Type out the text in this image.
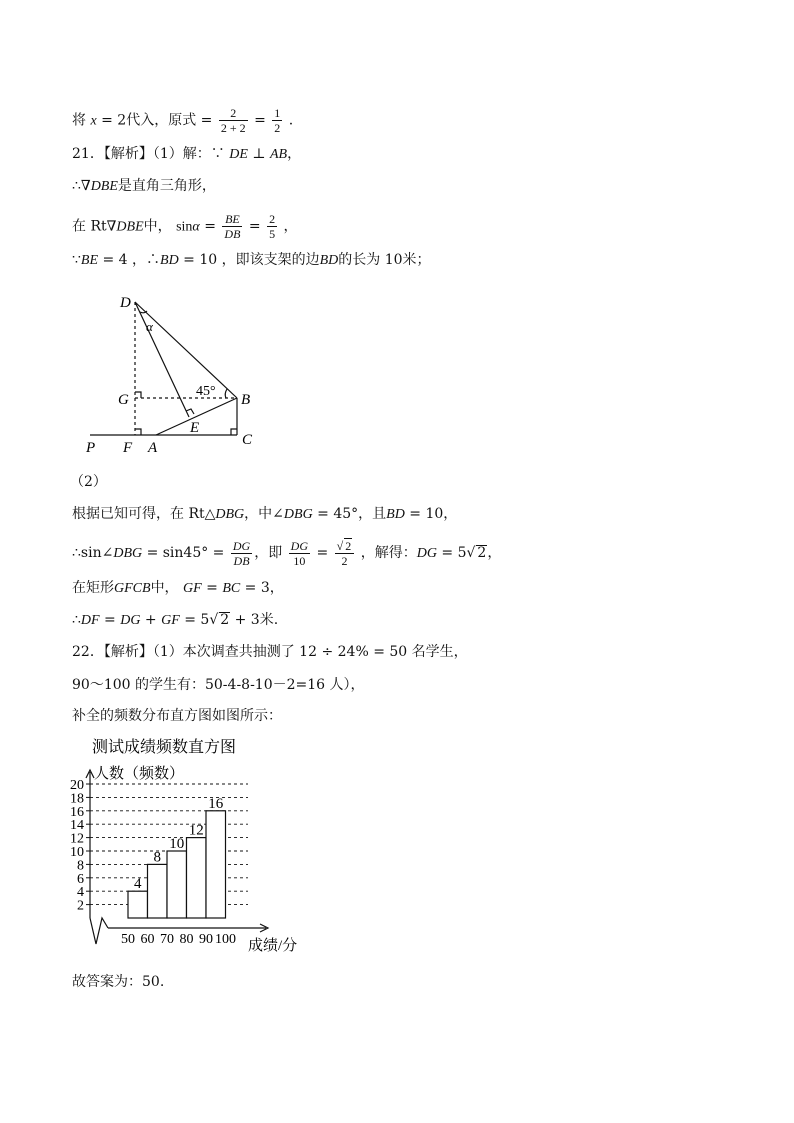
将 x = 2代入，原式 = $\frac{2}{2 + 2} = \frac{1}{2}$ .
21．【解析】（1）解：∵ DE ⊥ AB，
∴∇DBE是直角三角形，
在 Rt∇DBE中， $\sin\alpha = \frac{BE}{DB} = \frac{2}{5}$ ，
∵BE = 4 ，∴BD = 10 ，即该支架的边BD的长为 10米；
D
α
G
45°
B
E
P F A	C
（2）
根据已知可得，在 Rt△DBG，中∠DBG = 45°，且BD = 10，
∴sin∠DBG = $\sin 45^\circ = \frac{DG}{DB}$ ，即 $\frac{DG}{10} = \frac{√ 2}{2}$ ，解得：DG = 5√ 2，
在矩形GFCB中， GF = BC = 3，
∴DF = DG + GF = 5√ 2 + 3米.
22．【解析】（1）本次调查共抽测了 12 ÷ 24% = 50 名学生，
90～100 的学生有：50-4-8-10－2=16 人），
补全的频数分布直方图如图所示：
测试成绩频数直方图
人数（频数）
2
4
6
8
10
12
14
16
18
20
50 60 70 80 90 100
4
8
10
12
16
成绩/分
故答案为：50.
